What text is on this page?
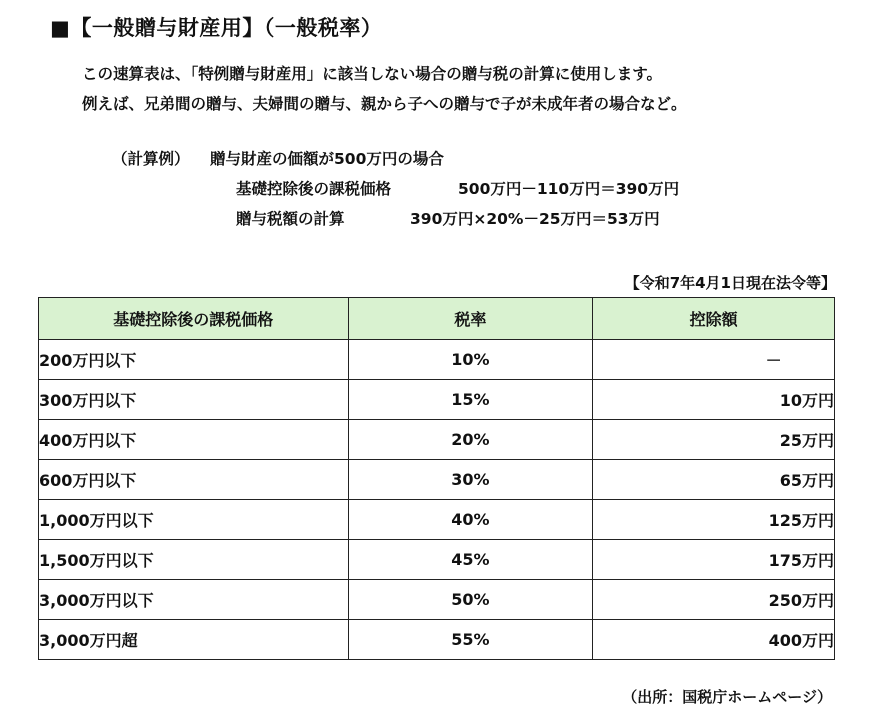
■【一般贈与財産用】（一般税率）
この速算表は、「特例贈与財産用」に該当しない場合の贈与税の計算に使用します。
例えば、兄弟間の贈与、夫婦間の贈与、親から子への贈与で子が未成年者の場合など。
（計算例） 贈与財産の価額が500万円の場合
基礎控除後の課税価格	500万円－110万円＝390万円
贈与税額の計算	390万円×20%－25万円＝53万円
【令和7年4月1日現在法令等】
基礎控除後の課税価格	税率	控除額
200万円以下	10%	－
300万円以下	15%	10万円
400万円以下	20%	25万円
600万円以下	30%	65万円
1,000万円以下	40%	125万円
1,500万円以下	45%	175万円
3,000万円以下	50%	250万円
3,000万円超	55%	400万円
（出所：国税庁ホームページ）
